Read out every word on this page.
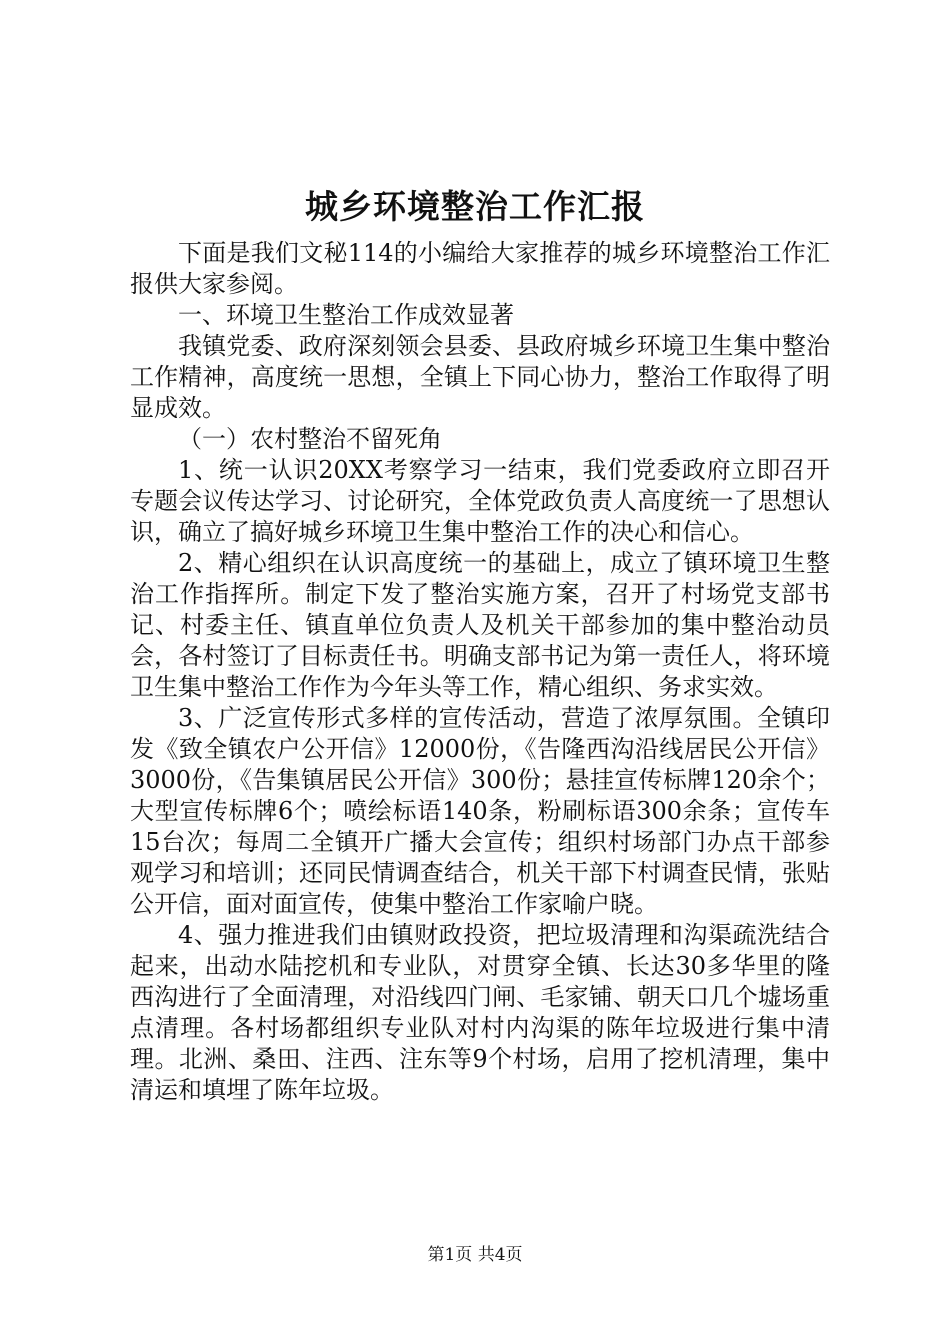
城乡环境整治工作汇报

下面是我们文秘114的小编给大家推荐的城乡环境整治工作汇报供大家参阅。

一、环境卫生整治工作成效显著

我镇党委、政府深刻领会县委、县政府城乡环境卫生集中整治工作精神，高度统一思想，全镇上下同心协力，整治工作取得了明显成效。

（一）农村整治不留死角

1、统一认识20XX考察学习一结束，我们党委政府立即召开专题会议传达学习、讨论研究，全体党政负责人高度统一了思想认识，确立了搞好城乡环境卫生集中整治工作的决心和信心。

2、精心组织在认识高度统一的基础上，成立了镇环境卫生整治工作指挥所。制定下发了整治实施方案，召开了村场党支部书记、村委主任、镇直单位负责人及机关干部参加的集中整治动员会，各村签订了目标责任书。明确支部书记为第一责任人，将环境卫生集中整治工作作为今年头等工作，精心组织、务求实效。

3、广泛宣传形式多样的宣传活动，营造了浓厚氛围。全镇印发《致全镇农户公开信》12000份，《告隆西沟沿线居民公开信》3000份，《告集镇居民公开信》300份；悬挂宣传标牌120余个；大型宣传标牌6个；喷绘标语140条，粉刷标语300余条；宣传车15台次；每周二全镇开广播大会宣传；组织村场部门办点干部参观学习和培训；还同民情调查结合，机关干部下村调查民情，张贴公开信，面对面宣传，使集中整治工作家喻户晓。

4、强力推进我们由镇财政投资，把垃圾清理和沟渠疏洗结合起来，出动水陆挖机和专业队，对贯穿全镇、长达30多华里的隆西沟进行了全面清理，对沿线四门闸、毛家铺、朝天口几个墟场重点清理。各村场都组织专业队对村内沟渠的陈年垃圾进行集中清理。北洲、桑田、注西、注东等9个村场，启用了挖机清理，集中清运和填埋了陈年垃圾。

第1页 共4页
